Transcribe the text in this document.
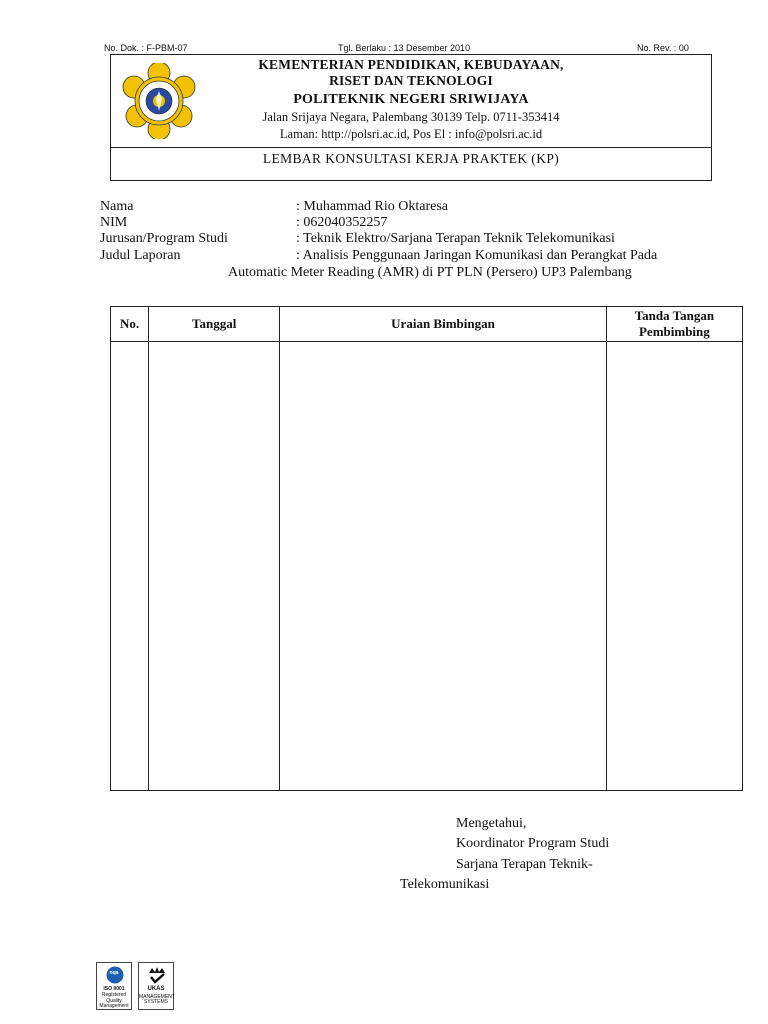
No. Dok. : F-PBM-07	Tgl. Berlaku : 13 Desember 2010	No. Rev. : 00
KEMENTERIAN PENDIDIKAN, KEBUDAYAAN,
RISET DAN TEKNOLOGI
POLITEKNIK NEGERI SRIWIJAYA
Jalan Srijaya Negara, Palembang 30139 Telp. 0711-353414
Laman: http://polsri.ac.id, Pos El : info@polsri.ac.id
LEMBAR KONSULTASI KERJA PRAKTEK (KP)
Nama	: Muhammad Rio Oktaresa
NIM	: 062040352257
Jurusan/Program Studi	: Teknik Elektro/Sarjana Terapan Teknik Telekomunikasi
Judul Laporan	: Analisis Penggunaan Jaringan Komunikasi dan Perangkat Pada
Automatic Meter Reading (AMR) di PT PLN (Persero) UP3 Palembang
No.	Tanggal	Uraian Bimbingan	Tanda Tangan
Pembimbing

Mengetahui,
Koordinator Program Studi
Sarjana Terapan Teknik-
Telekomunikasi
nqa
ISO 9001
Registered
Quality Management
UKAS
MANAGEMENT SYSTEMS
